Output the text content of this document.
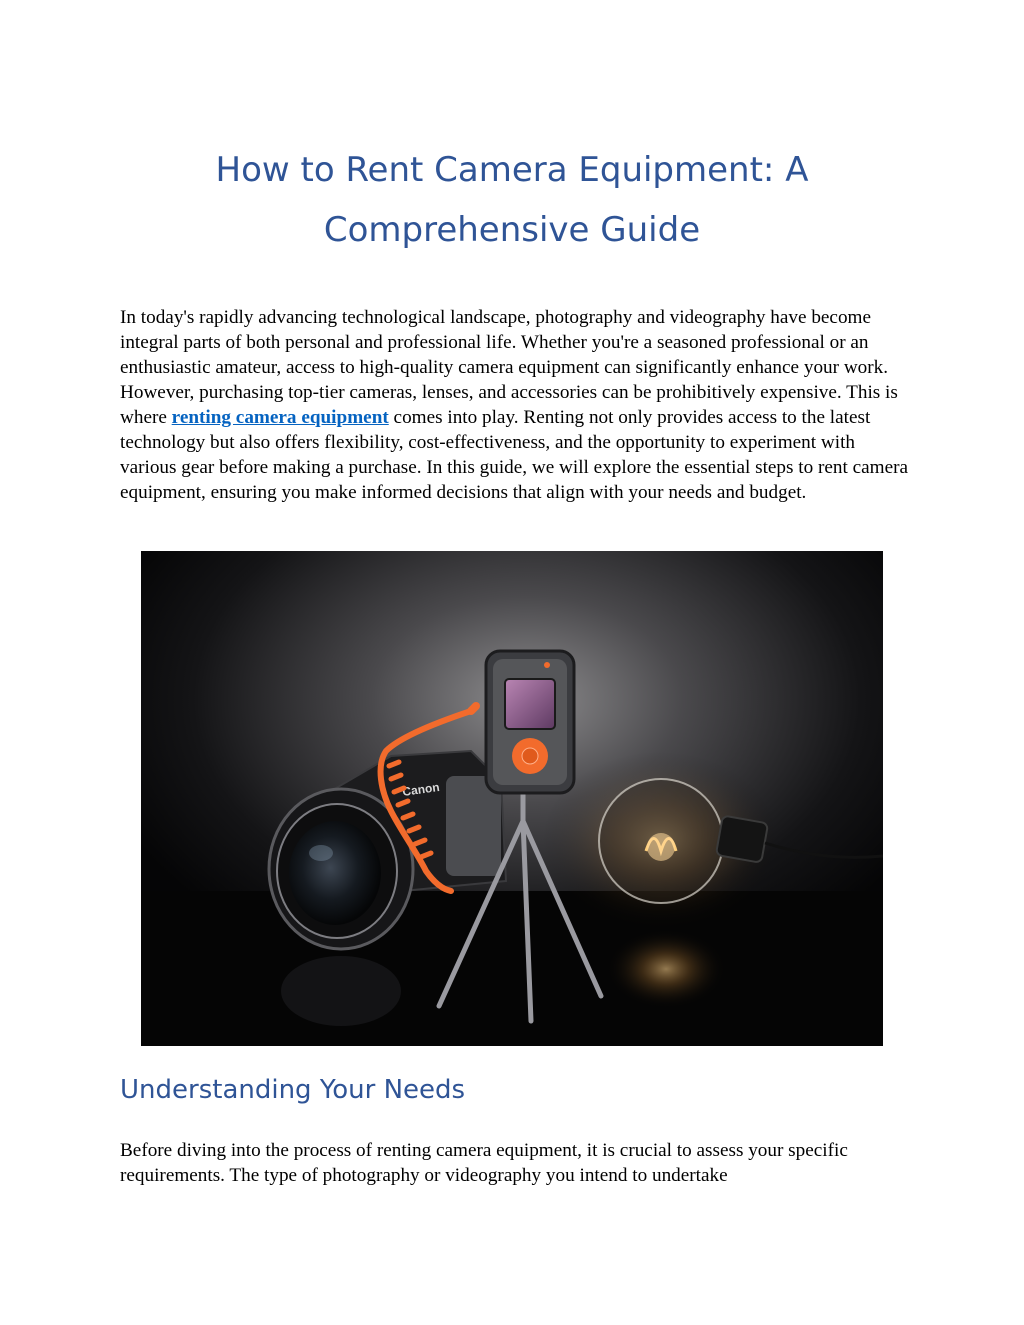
How to Rent Camera Equipment: A
Comprehensive Guide

In today's rapidly advancing technological landscape, photography and videography have become integral parts of both personal and professional life. Whether you're a seasoned professional or an enthusiastic amateur, access to high-quality camera equipment can significantly enhance your work. However, purchasing top-tier cameras, lenses, and accessories can be prohibitively expensive. This is where renting camera equipment comes into play. Renting not only provides access to the latest technology but also offers flexibility, cost-effectiveness, and the opportunity to experiment with various gear before making a purchase. In this guide, we will explore the essential steps to rent camera equipment, ensuring you make informed decisions that align with your needs and budget.

Canon
Understanding Your Needs

Before diving into the process of renting camera equipment, it is crucial to assess your specific requirements. The type of photography or videography you intend to undertake
